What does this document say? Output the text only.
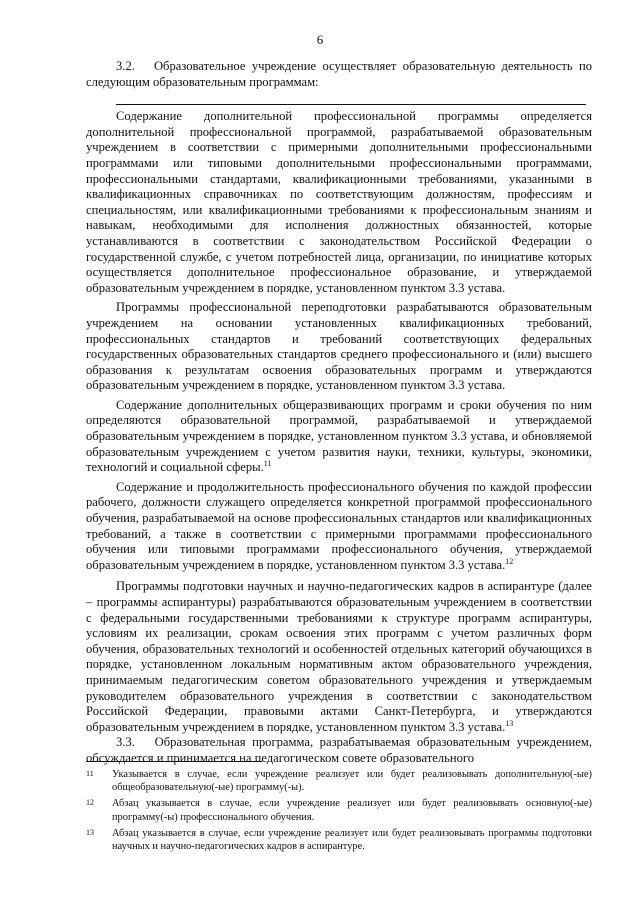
6

3.2. Образовательное учреждение осуществляет образовательную деятельность по следующим образовательным программам:

Содержание дополнительной профессиональной программы определяется дополнительной профессиональной программой, разрабатываемой образовательным учреждением в соответствии с примерными дополнительными профессиональными программами или типовыми дополнительными профессиональными программами, профессиональными стандартами, квалификационными требованиями, указанными в квалификационных справочниках по соответствующим должностям, профессиям и специальностям, или квалификационными требованиями к профессиональным знаниям и навыкам, необходимыми для исполнения должностных обязанностей, которые устанавливаются в соответствии с законодательством Российской Федерации о государственной службе, с учетом потребностей лица, организации, по инициативе которых осуществляется дополнительное профессиональное образование, и утверждаемой образовательным учреждением в порядке, установленном пунктом 3.3 устава.

Программы профессиональной переподготовки разрабатываются образовательным учреждением на основании установленных квалификационных требований, профессиональных стандартов и требований соответствующих федеральных государственных образовательных стандартов среднего профессионального и (или) высшего образования к результатам освоения образовательных программ и утверждаются образовательным учреждением в порядке, установленном пунктом 3.3 устава.

Содержание дополнительных общеразвивающих программ и сроки обучения по ним определяются образовательной программой, разрабатываемой и утверждаемой образовательным учреждением в порядке, установленном пунктом 3.3 устава, и обновляемой образовательным учреждением с учетом развития науки, техники, культуры, экономики, технологий и социальной сферы.$^{11}$

Содержание и продолжительность профессионального обучения по каждой профессии рабочего, должности служащего определяется конкретной программой профессионального обучения, разрабатываемой на основе профессиональных стандартов или квалификационных требований, а также в соответствии с примерными программами профессионального обучения или типовыми программами профессионального обучения, утверждаемой образовательным учреждением в порядке, установленном пунктом 3.3 устава.$^{12}$

Программы подготовки научных и научно-педагогических кадров в аспирантуре (далее – программы аспирантуры) разрабатываются образовательным учреждением в соответствии с федеральными государственными требованиями к структуре программ аспирантуры, условиям их реализации, срокам освоения этих программ с учетом различных форм обучения, образовательных технологий и особенностей отдельных категорий обучающихся в порядке, установленном локальным нормативным актом образовательного учреждения, принимаемым педагогическим советом образовательного учреждения и утверждаемым руководителем образовательного учреждения в соответствии с законодательством Российской Федерации, правовыми актами Санкт-Петербурга, и утверждаются образовательным учреждением в порядке, установленном пунктом 3.3 устава.$^{13}$

3.3. Образовательная программа, разрабатываемая образовательным учреждением, обсуждается и принимается на педагогическом совете образовательного

11	Указывается в случае, если учреждение реализует или будет реализовывать дополнительную(-ые) общеобразовательную(-ые) программу(-ы).
12	Абзац указывается в случае, если учреждение реализует или будет реализовывать основную(-ые) программу(-ы) профессионального обучения.
13	Абзац указывается в случае, если учреждение реализует или будет реализовывать программы подготовки научных и научно-педагогических кадров в аспирантуре.
